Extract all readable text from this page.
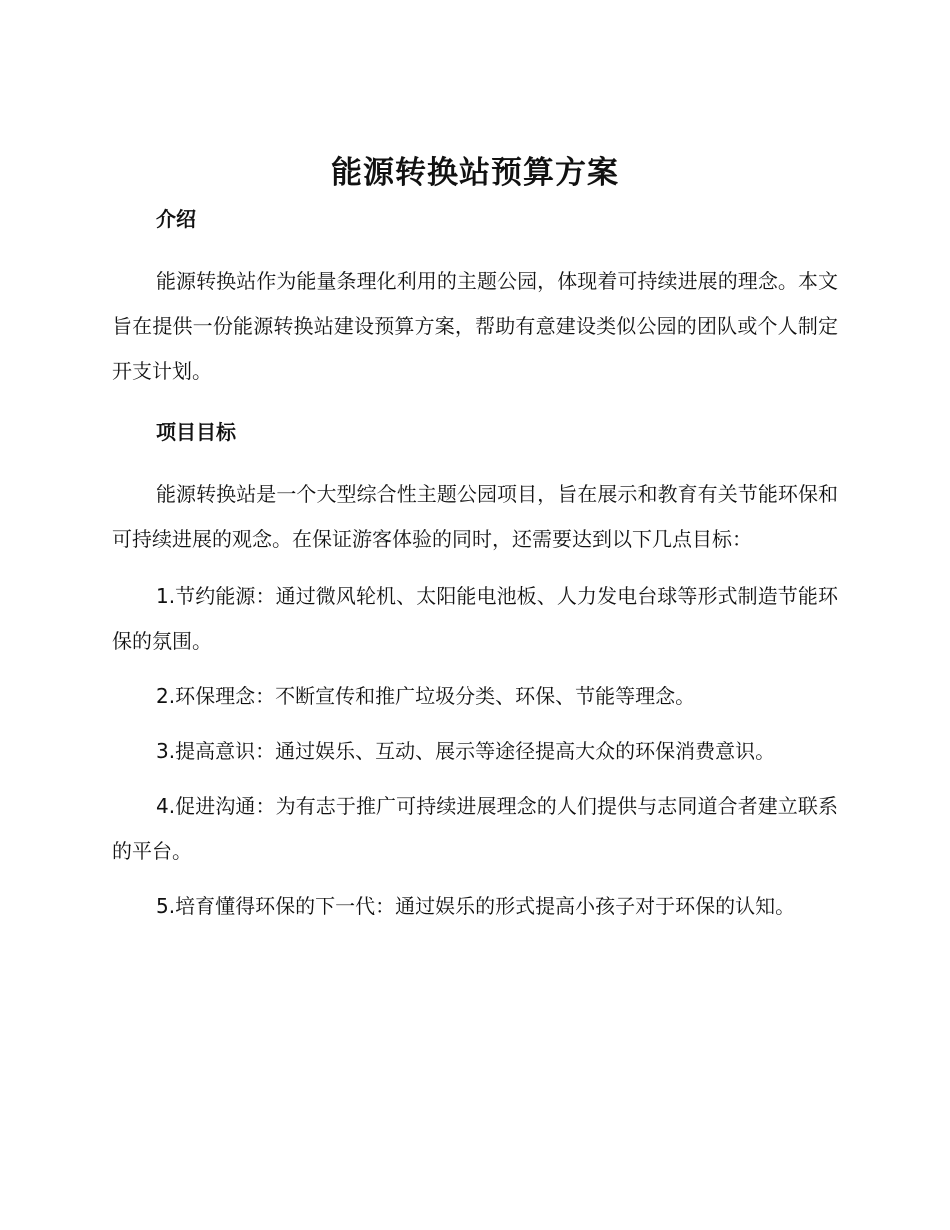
能源转换站预算方案
介绍

能源转换站作为能量条理化利用的主题公园，体现着可持续进展的理念。本文旨在提供一份能源转换站建设预算方案，帮助有意建设类似公园的团队或个人制定开支计划。

项目目标

能源转换站是一个大型综合性主题公园项目，旨在展示和教育有关节能环保和可持续进展的观念。在保证游客体验的同时，还需要达到以下几点目标：

1.节约能源：通过微风轮机、太阳能电池板、人力发电台球等形式制造节能环保的氛围。

2.环保理念：不断宣传和推广垃圾分类、环保、节能等理念。

3.提高意识：通过娱乐、互动、展示等途径提高大众的环保消费意识。

4.促进沟通：为有志于推广可持续进展理念的人们提供与志同道合者建立联系的平台。

5.培育懂得环保的下一代：通过娱乐的形式提高小孩子对于环保的认知。
